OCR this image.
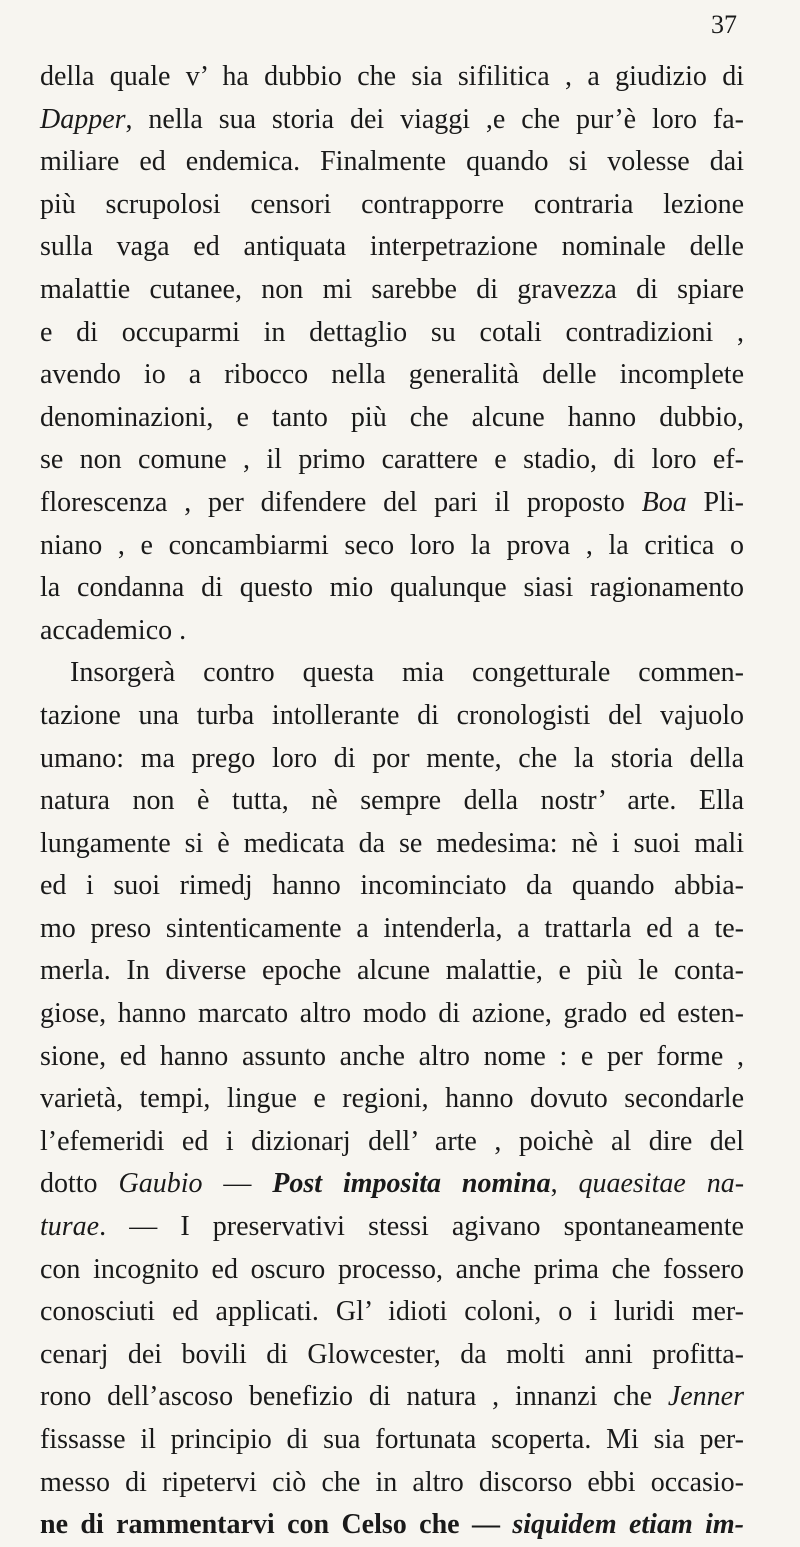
37
della quale v’ ha dubbio che sia sifilitica , a giudizio di
Dapper, nella sua storia dei viaggi ,e che pur’è loro fa-
miliare ed endemica. Finalmente quando si volesse dai
più scrupolosi censori contrapporre contraria lezione
sulla vaga ed antiquata interpetrazione nominale delle
malattie cutanee, non mi sarebbe di gravezza di spiare
e di occuparmi in dettaglio su cotali contradizioni ,
avendo io a ribocco nella generalità delle incomplete
denominazioni, e tanto più che alcune hanno dubbio,
se non comune , il primo carattere e stadio, di loro ef-
florescenza , per difendere del pari il proposto Boa Pli-
niano , e concambiarmi seco loro la prova , la critica o
la condanna di questo mio qualunque siasi ragionamento
accademico .
Insorgerà contro questa mia congetturale commen-
tazione una turba intollerante di cronologisti del vajuolo
umano: ma prego loro di por mente, che la storia della
natura non è tutta, nè sempre della nostr’ arte. Ella
lungamente si è medicata da se medesima: nè i suoi mali
ed i suoi rimedj hanno incominciato da quando abbia-
mo preso sintenticamente a intenderla, a trattarla ed a te-
merla. In diverse epoche alcune malattie, e più le conta-
giose, hanno marcato altro modo di azione, grado ed esten-
sione, ed hanno assunto anche altro nome : e per forme ,
varietà, tempi, lingue e regioni, hanno dovuto secondarle
l’efemeridi ed i dizionarj dell’ arte , poichè al dire del
dotto Gaubio — Post imposita nomina, quaesitae na-
turae. — I preservativi stessi agivano spontaneamente
con incognito ed oscuro processo, anche prima che fossero
conosciuti ed applicati. Gl’ idioti coloni, o i luridi mer-
cenarj dei bovili di Glowcester, da molti anni profitta-
rono dell’ascoso benefizio di natura , innanzi che Jenner
fissasse il principio di sua fortunata scoperta. Mi sia per-
messo di ripetervi ciò che in altro discorso ebbi occasio-
ne di rammentarvi con Celso che — siquidem etiam im-
